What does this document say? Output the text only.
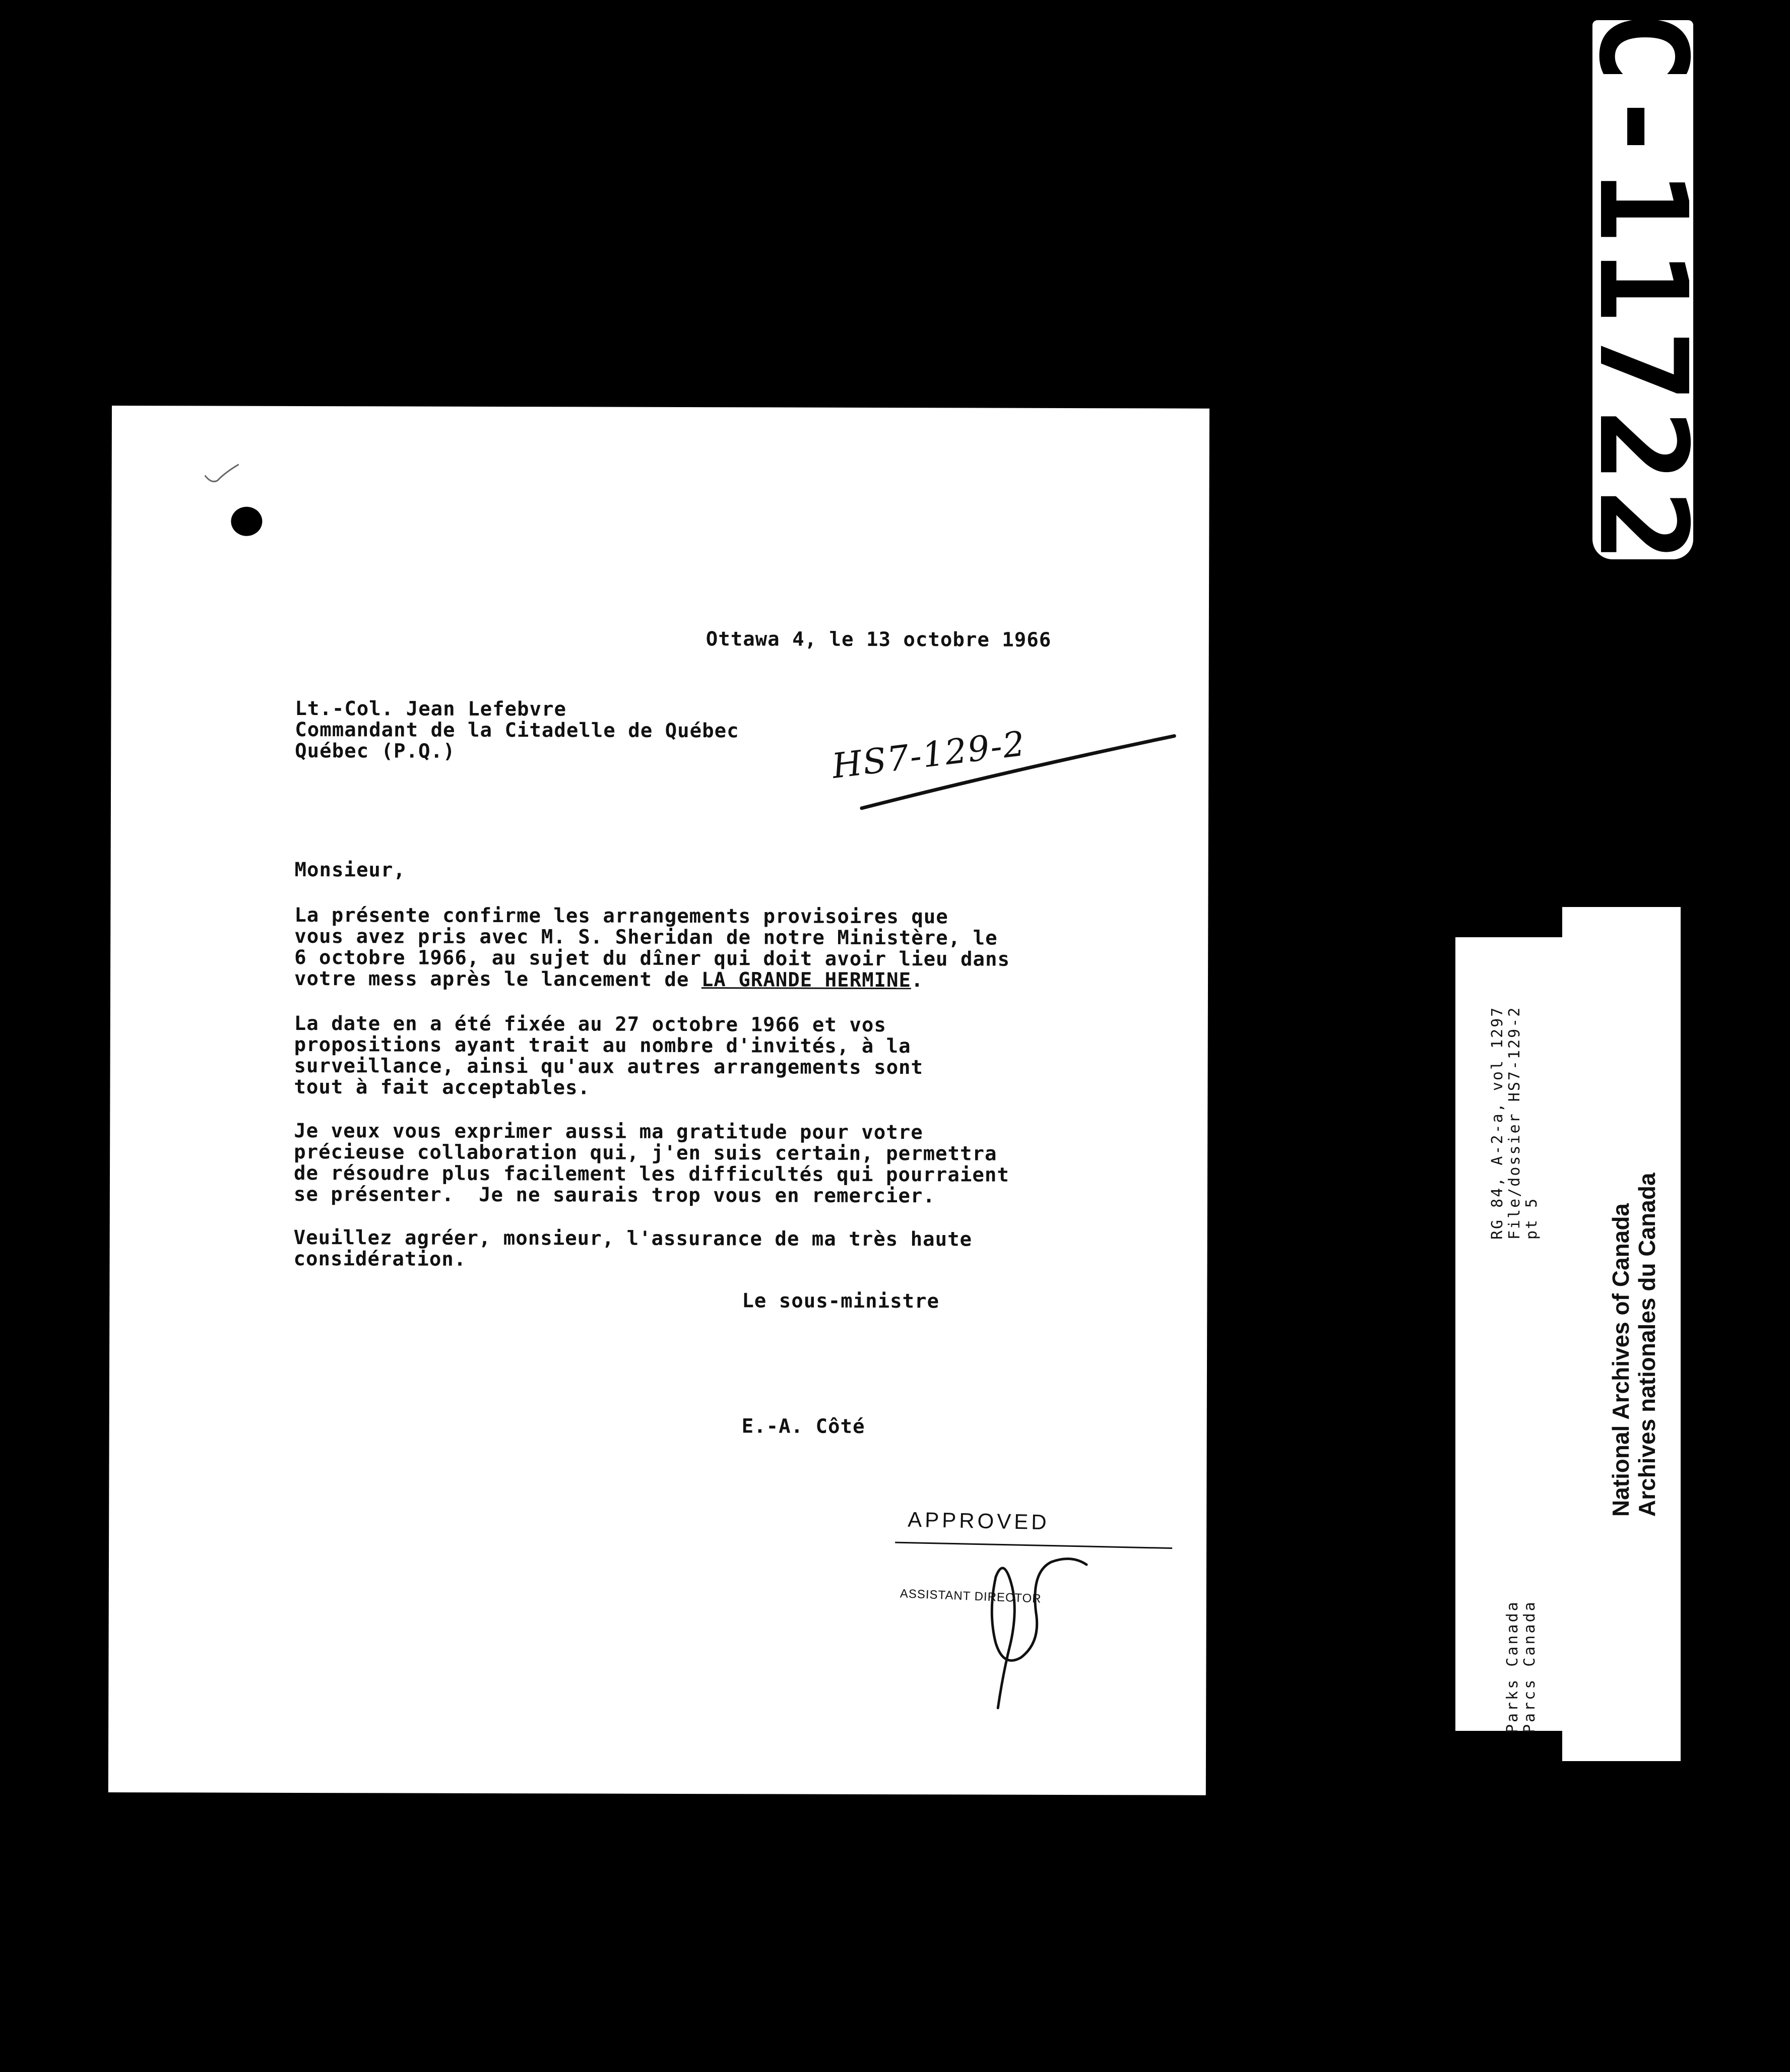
C-11722
National Archives of Canada Archives nationales du Canada
Parks Canada Parcs Canada
RG 84, A-2-a, vol 1297 File/dossier HS7-129-2 pt 5
Ottawa 4, le 13 octobre 1966
Lt.-Col. Jean Lefebvre
Commandant de la Citadelle de Québec
Québec (P.Q.)	HS7-129-2
Monsieur,
La présente confirme les arrangements provisoires que
vous avez pris avec M. S. Sheridan de notre Ministère, le
6 octobre 1966, au sujet du dîner qui doit avoir lieu dans
votre mess après le lancement de LA GRANDE HERMINE.
La date en a été fixée au 27 octobre 1966 et vos
propositions ayant trait au nombre d'invités, à la
surveillance, ainsi qu'aux autres arrangements sont
tout à fait acceptables.
Je veux vous exprimer aussi ma gratitude pour votre
précieuse collaboration qui, j'en suis certain, permettra
de résoudre plus facilement les difficultés qui pourraient
se présenter.  Je ne saurais trop vous en remercier.
Veuillez agréer, monsieur, l'assurance de ma très haute
considération.
Le sous-ministre
E.-A. Côté
APPROVED
ASSISTANT DIRECTOR
